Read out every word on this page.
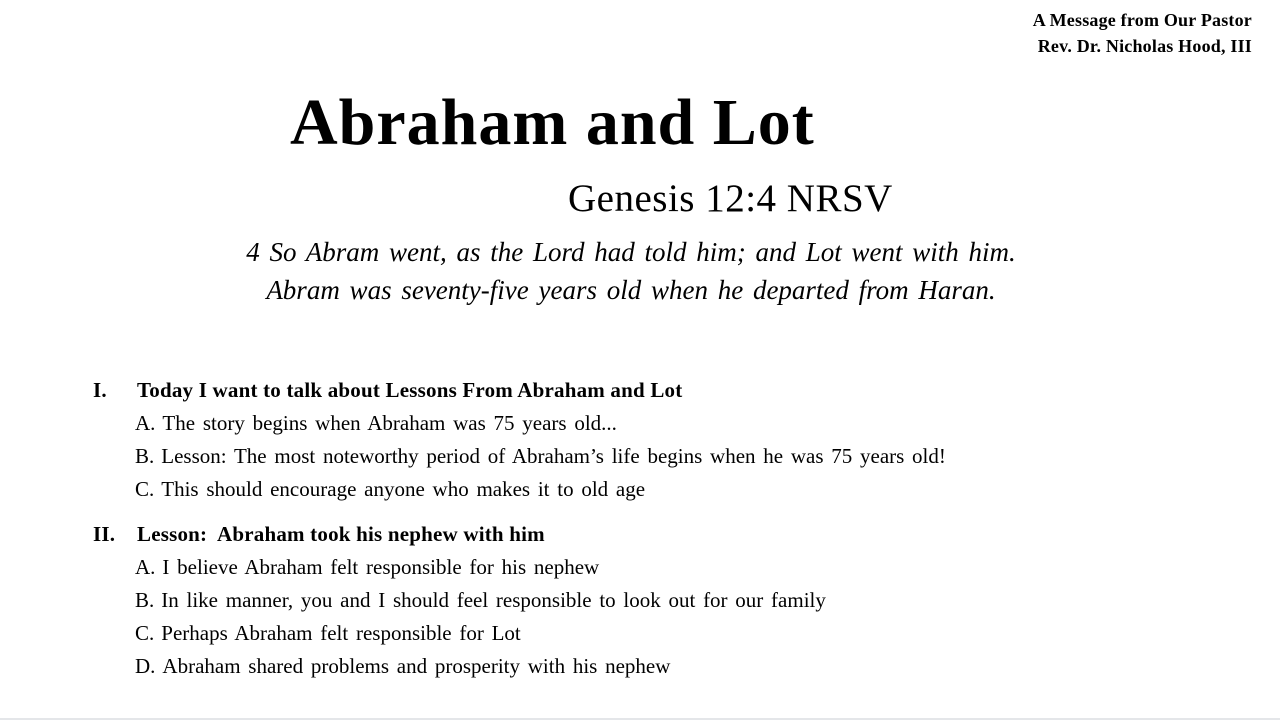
A Message from Our Pastor
Rev. Dr. Nicholas Hood, III
Abraham and Lot
Genesis 12:4 NRSV
4 So Abram went, as the Lord had told him; and Lot went with him.
Abram was seventy-five years old when he departed from Haran.
I.	Today I want to talk about Lessons From Abraham and Lot
A. The story begins when Abraham was 75 years old...
B. Lesson: The most noteworthy period of Abraham’s life begins when he was 75 years old!
C. This should encourage anyone who makes it to old age
II.	Lesson:  Abraham took his nephew with him
A. I believe Abraham felt responsible for his nephew
B. In like manner, you and I should feel responsible to look out for our family
C. Perhaps Abraham felt responsible for Lot
D. Abraham shared problems and prosperity with his nephew
